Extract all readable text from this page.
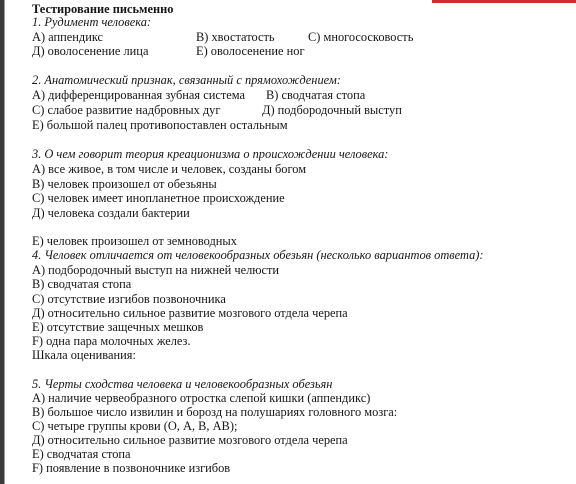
Тестирование письменно
1. Рудимент человека:
А) аппендикс	В) хвостатость	С) многососковость
Д) оволосенение лица	Е) оволосенение ног
2. Анатомический признак, связанный с прямохождением:
А) дифференцированная зубная система В) сводчатая стопа
С) слабое развитие надбровных дуг	Д) подбородочный выступ
Е) большой палец противопоставлен остальным
3. О чем говорит теория креационизма о происхождении человека:
А) все живое, в том числе и человек, созданы богом
В) человек произошел от обезьяны
С) человек имеет инопланетное происхождение
Д) человека создали бактерии
Е) человек произошел от земноводных
4. Человек отличается от человекообразных обезьян (несколько вариантов ответа):
А) подбородочный выступ на нижней челюсти
В) сводчатая стопа
С) отсутствие изгибов позвоночника
Д) относительно сильное развитие мозгового отдела черепа
Е) отсутствие защечных мешков
F) одна пара молочных желез.
Шкала оценивания:
5. Черты сходства человека и человекообразных обезьян
А) наличие червеобразного отростка слепой кишки (аппендикс)
В) большое число извилин и борозд на полушариях головного мозга:
С) четыре группы крови (О, А, В, АВ);
Д) относительно сильное развитие мозгового отдела черепа
Е) сводчатая стопа
F) появление в позвоночнике изгибов
